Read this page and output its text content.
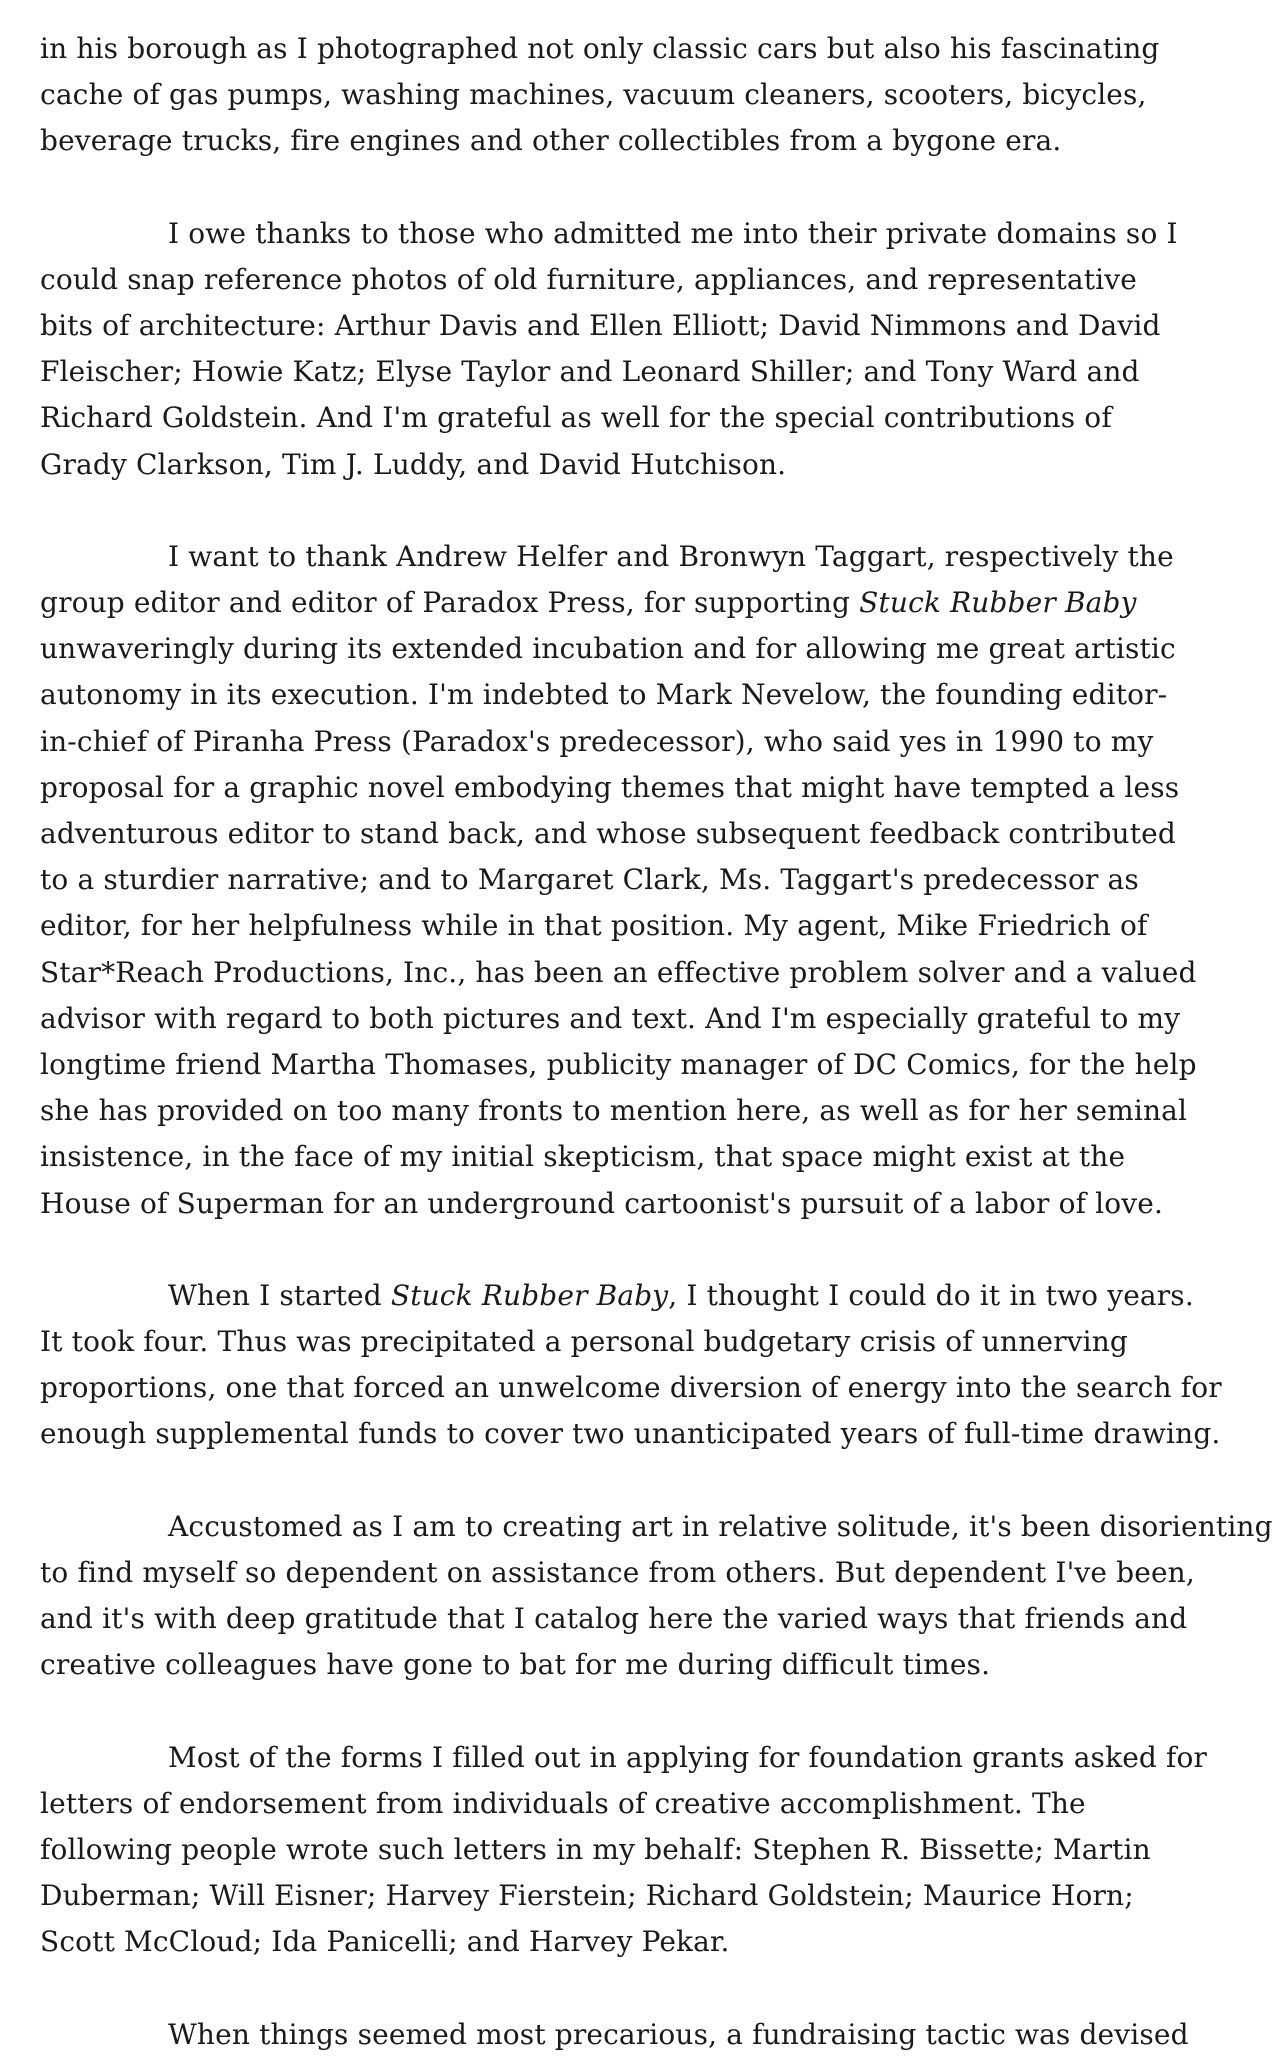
in his borough as I photographed not only classic cars but also his fascinating
cache of gas pumps, washing machines, vacuum cleaners, scooters, bicycles,
beverage trucks, fire engines and other collectibles from a bygone era.

I owe thanks to those who admitted me into their private domains so I
could snap reference photos of old furniture, appliances, and representative
bits of architecture: Arthur Davis and Ellen Elliott; David Nimmons and David
Fleischer; Howie Katz; Elyse Taylor and Leonard Shiller; and Tony Ward and
Richard Goldstein. And I'm grateful as well for the special contributions of
Grady Clarkson, Tim J. Luddy, and David Hutchison.

I want to thank Andrew Helfer and Bronwyn Taggart, respectively the
group editor and editor of Paradox Press, for supporting Stuck Rubber Baby
unwaveringly during its extended incubation and for allowing me great artistic
autonomy in its execution. I'm indebted to Mark Nevelow, the founding editor-
in-chief of Piranha Press (Paradox's predecessor), who said yes in 1990 to my
proposal for a graphic novel embodying themes that might have tempted a less
adventurous editor to stand back, and whose subsequent feedback contributed
to a sturdier narrative; and to Margaret Clark, Ms. Taggart's predecessor as
editor, for her helpfulness while in that position. My agent, Mike Friedrich of
Star*Reach Productions, Inc., has been an effective problem solver and a valued
advisor with regard to both pictures and text. And I'm especially grateful to my
longtime friend Martha Thomases, publicity manager of DC Comics, for the help
she has provided on too many fronts to mention here, as well as for her seminal
insistence, in the face of my initial skepticism, that space might exist at the
House of Superman for an underground cartoonist's pursuit of a labor of love.

When I started Stuck Rubber Baby, I thought I could do it in two years.
It took four. Thus was precipitated a personal budgetary crisis of unnerving
proportions, one that forced an unwelcome diversion of energy into the search for
enough supplemental funds to cover two unanticipated years of full-time drawing.

Accustomed as I am to creating art in relative solitude, it's been disorienting
to find myself so dependent on assistance from others. But dependent I've been,
and it's with deep gratitude that I catalog here the varied ways that friends and
creative colleagues have gone to bat for me during difficult times.

Most of the forms I filled out in applying for foundation grants asked for
letters of endorsement from individuals of creative accomplishment. The
following people wrote such letters in my behalf: Stephen R. Bissette; Martin
Duberman; Will Eisner; Harvey Fierstein; Richard Goldstein; Maurice Horn;
Scott McCloud; Ida Panicelli; and Harvey Pekar.

When things seemed most precarious, a fundraising tactic was devised
